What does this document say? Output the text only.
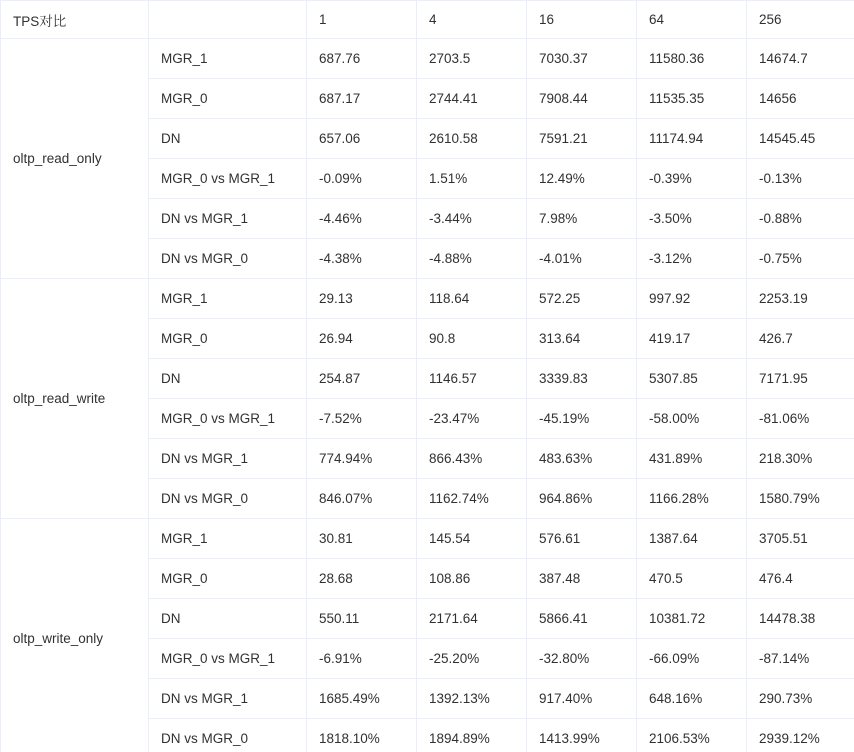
TPS对比		1	4	16	64	256
oltp_read_only	MGR_1	687.76	2703.5	7030.37	11580.36	14674.7
	MGR_0	687.17	2744.41	7908.44	11535.35	14656
	DN	657.06	2610.58	7591.21	11174.94	14545.45
	MGR_0 vs MGR_1	-0.09%	1.51%	12.49%	-0.39%	-0.13%
	DN vs MGR_1	-4.46%	-3.44%	7.98%	-3.50%	-0.88%
	DN vs MGR_0	-4.38%	-4.88%	-4.01%	-3.12%	-0.75%
oltp_read_write	MGR_1	29.13	118.64	572.25	997.92	2253.19
	MGR_0	26.94	90.8	313.64	419.17	426.7
	DN	254.87	1146.57	3339.83	5307.85	7171.95
	MGR_0 vs MGR_1	-7.52%	-23.47%	-45.19%	-58.00%	-81.06%
	DN vs MGR_1	774.94%	866.43%	483.63%	431.89%	218.30%
	DN vs MGR_0	846.07%	1162.74%	964.86%	1166.28%	1580.79%
oltp_write_only	MGR_1	30.81	145.54	576.61	1387.64	3705.51
	MGR_0	28.68	108.86	387.48	470.5	476.4
	DN	550.11	2171.64	5866.41	10381.72	14478.38
	MGR_0 vs MGR_1	-6.91%	-25.20%	-32.80%	-66.09%	-87.14%
	DN vs MGR_1	1685.49%	1392.13%	917.40%	648.16%	290.73%
	DN vs MGR_0	1818.10%	1894.89%	1413.99%	2106.53%	2939.12%
